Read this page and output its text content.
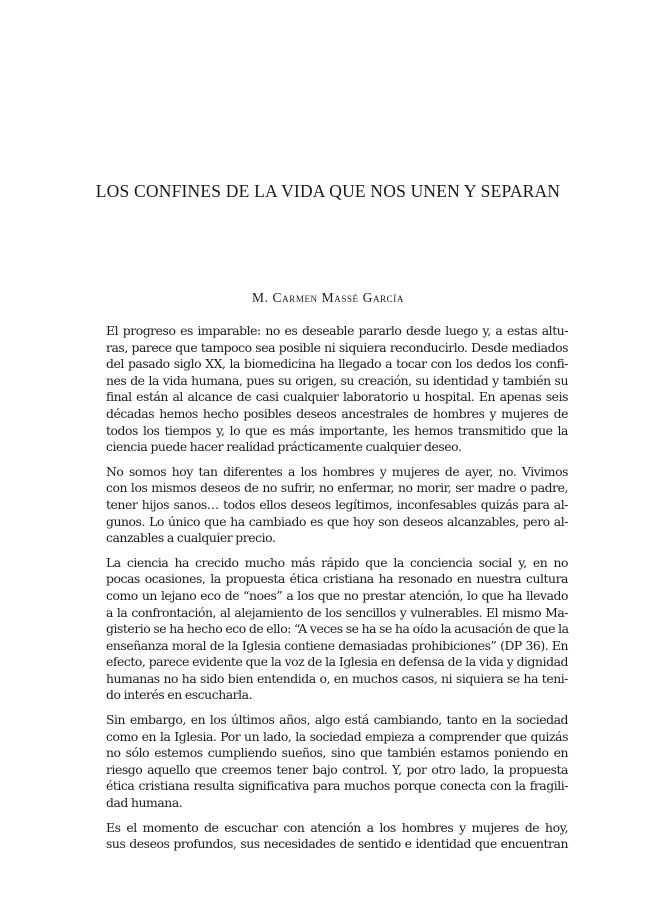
LOS CONFINES DE LA VIDA QUE NOS UNEN Y SEPARAN
M. Carmen Massé García
El progreso es imparable: no es deseable pararlo desde luego y, a estas altu-
ras, parece que tampoco sea posible ni siquiera reconducirlo. Desde mediados
del pasado siglo XX, la biomedicina ha llegado a tocar con los dedos los confi-
nes de la vida humana, pues su origen, su creación, su identidad y también su
final están al alcance de casi cualquier laboratorio u hospital. En apenas seis
décadas hemos hecho posibles deseos ancestrales de hombres y mujeres de
todos los tiempos y, lo que es más importante, les hemos transmitido que la
ciencia puede hacer realidad prácticamente cualquier deseo.
No somos hoy tan diferentes a los hombres y mujeres de ayer, no. Vivimos
con los mismos deseos de no sufrir, no enfermar, no morir, ser madre o padre,
tener hijos sanos… todos ellos deseos legítimos, inconfesables quizás para al-
gunos. Lo único que ha cambiado es que hoy son deseos alcanzables, pero al-
canzables a cualquier precio.
La ciencia ha crecido mucho más rápido que la conciencia social y, en no
pocas ocasiones, la propuesta ética cristiana ha resonado en nuestra cultura
como un lejano eco de “noes” a los que no prestar atención, lo que ha llevado
a la confrontación, al alejamiento de los sencillos y vulnerables. El mismo Ma-
gisterio se ha hecho eco de ello: “A veces se ha se ha oído la acusación de que la
enseñanza moral de la Iglesia contiene demasiadas prohibiciones” (DP 36). En
efecto, parece evidente que la voz de la Iglesia en defensa de la vida y dignidad
humanas no ha sido bien entendida o, en muchos casos, ni siquiera se ha teni-
do interés en escucharla.
Sin embargo, en los últimos años, algo está cambiando, tanto en la sociedad
como en la Iglesia. Por un lado, la sociedad empieza a comprender que quizás
no sólo estemos cumpliendo sueños, sino que también estamos poniendo en
riesgo aquello que creemos tener bajo control. Y, por otro lado, la propuesta
ética cristiana resulta significativa para muchos porque conecta con la fragili-
dad humana.
Es el momento de escuchar con atención a los hombres y mujeres de hoy,
sus deseos profundos, sus necesidades de sentido e identidad que encuentran
